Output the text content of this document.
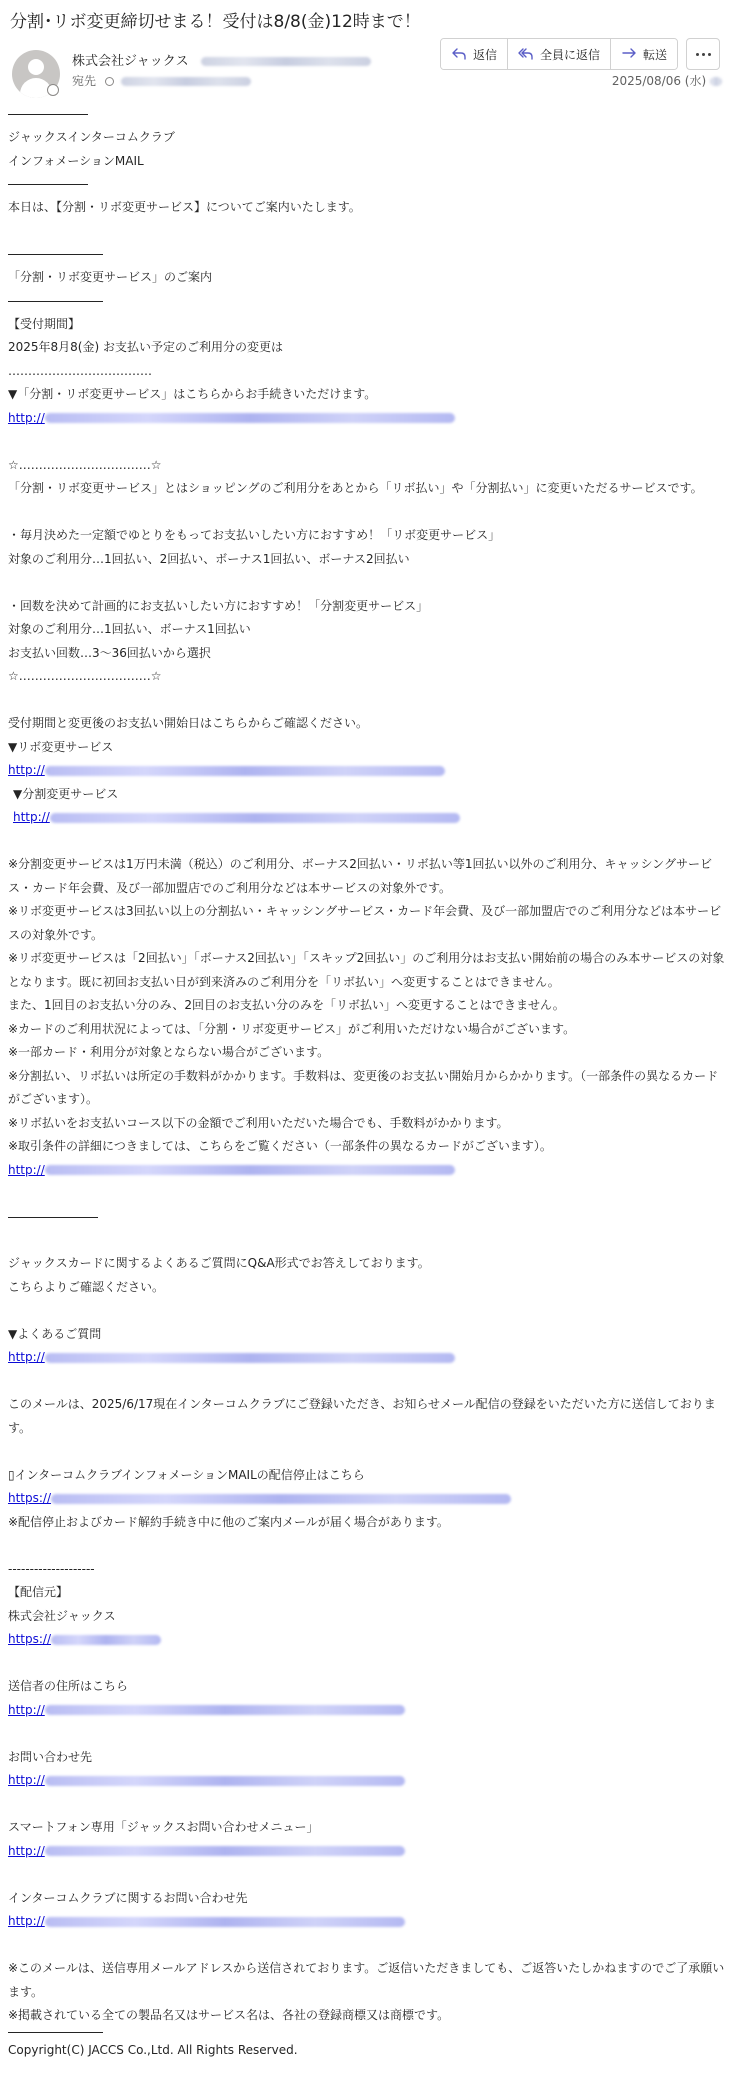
分割･リボ変更締切せまる！受付は8/8(金)12時まで！
株式会社ジャックス
宛先
返信	全員に返信	転送
2025/08/06 (水)
ジャックスインターコムクラブ
インフォメーションMAIL
本日は、【分割・リボ変更サービス】についてご案内いたします。
「分割・リボ変更サービス」のご案内
【受付期間】
2025年8月8(金) お支払い予定のご利用分の変更は
………………………………
▼「分割・リボ変更サービス」はこちらからお手続きいただけます。
http://
☆……………………………☆
「分割・リボ変更サービス」とはショッピングのご利用分をあとから「リボ払い」や「分割払い」に変更いただるサービスです。
・毎月決めた一定額でゆとりをもってお支払いしたい方におすすめ！「リボ変更サービス」
対象のご利用分…1回払い、2回払い、ボーナス1回払い、ボーナス2回払い
・回数を決めて計画的にお支払いしたい方におすすめ！「分割変更サービス」
対象のご利用分…1回払い、ボーナス1回払い
お支払い回数…3～36回払いから選択
☆……………………………☆
受付期間と変更後のお支払い開始日はこちらからご確認ください。
▼リボ変更サービス
http://
▼分割変更サービス
http://
※分割変更サービスは1万円未満（税込）のご利用分、ボーナス2回払い・リボ払い等1回払い以外のご利用分、キャッシングサービス・カード年会費、及び一部加盟店でのご利用分などは本サービスの対象外です。
※リボ変更サービスは3回払い以上の分割払い・キャッシングサービス・カード年会費、及び一部加盟店でのご利用分などは本サービスの対象外です。
※リボ変更サービスは「2回払い」「ボーナス2回払い」「スキップ2回払い」のご利用分はお支払い開始前の場合のみ本サービスの対象となります。既に初回お支払い日が到来済みのご利用分を「リボ払い」へ変更することはできません。
また、1回目のお支払い分のみ、2回目のお支払い分のみを「リボ払い」へ変更することはできません。
※カードのご利用状況によっては、「分割・リボ変更サービス」がご利用いただけない場合がございます。
※一部カード・利用分が対象とならない場合がございます。
※分割払い、リボ払いは所定の手数料がかかります。手数料は、変更後のお支払い開始月からかかります。（一部条件の異なるカードがございます）。
※リボ払いをお支払いコース以下の金額でご利用いただいた場合でも、手数料がかかります。
※取引条件の詳細につきましては、こちらをご覧ください（一部条件の異なるカードがございます）。
http://
ジャックスカードに関するよくあるご質問にQ&A形式でお答えしております。
こちらよりご確認ください。
▼よくあるご質問
http://
このメールは、2025/6/17現在インターコムクラブにご登録いただき、お知らせメール配信の登録をいただいた方に送信しております。
▯インターコムクラブインフォメーションMAILの配信停止はこちら
https://
※配信停止およびカード解約手続き中に他のご案内メールが届く場合があります。
--------------------
【配信元】
株式会社ジャックス
https://
送信者の住所はこちら
http://
お問い合わせ先
http://
スマートフォン専用「ジャックスお問い合わせメニュー」
http://
インターコムクラブに関するお問い合わせ先
http://
※このメールは、送信専用メールアドレスから送信されております。ご返信いただきましても、ご返答いたしかねますのでご了承願います。
※掲載されている全ての製品名又はサービス名は、各社の登録商標又は商標です。
Copyright(C) JACCS Co.,Ltd. All Rights Reserved.
